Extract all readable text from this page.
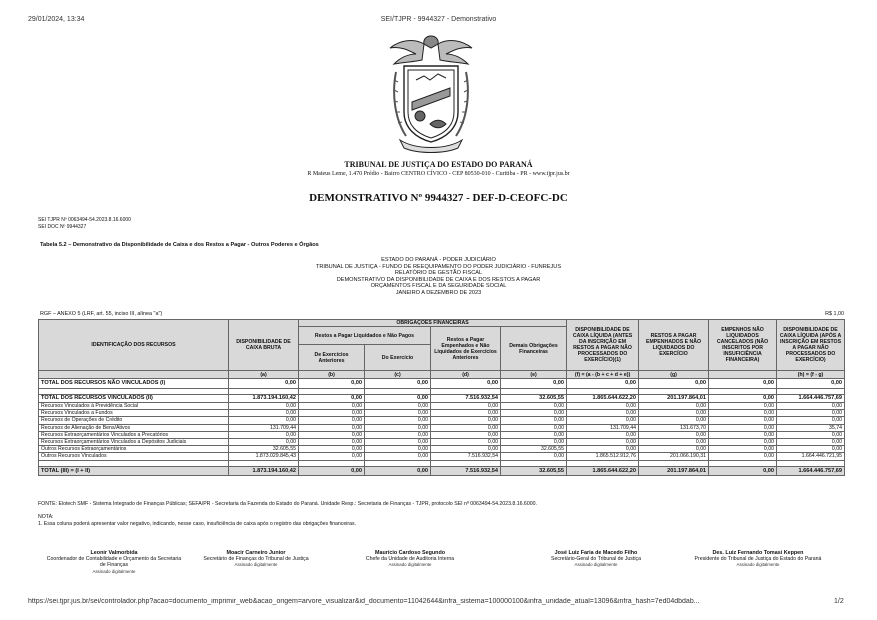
29/01/2024, 13:34	SEI/TJPR - 9944327 - Demonstrativo
TRIBUNAL DE JUSTIÇA DO ESTADO DO PARANÁ
R Mateus Leme, 1.470 Prédio - Bairro CENTRO CÍVICO - CEP 80530-010 - Curitiba - PR - www.tjpr.jus.br
DEMONSTRATIVO Nº 9944327 - DEF-D-CEOFC-DC
SEI TJPR Nº 0063494-54.2023.8.16.6000
SEI DOC Nº 9944327
Tabela 5.2 – Demonstrativo da Disponibilidade de Caixa e dos Restos a Pagar - Outros Poderes e Órgãos
ESTADO DO PARANÁ - PODER JUDICIÁRIO
TRIBUNAL DE JUSTIÇA - FUNDO DE REEQUIPAMENTO DO PODER JUDICIÁRIO - FUNREJUS
RELATÓRIO DE GESTÃO FISCAL
DEMONSTRATIVO DA DISPONIBILIDADE DE CAIXA E DOS RESTOS A PAGAR
ORÇAMENTOS FISCAL E DA SEGURIDADE SOCIAL
JANEIRO A DEZEMBRO DE 2023
RGF – ANEXO 5 (LRF, art. 55, inciso III, alínea "a")	R$ 1,00
IDENTIFICAÇÃO DOS RECURSOS	DISPONIBILIDADE DE CAIXA BRUTA	OBRIGAÇÕES FINANCEIRAS				DISPONIBILIDADE DE CAIXA LÍQUIDA (ANTES DA INSCRIÇÃO EM RESTOS A PAGAR NÃO PROCESSADOS DO EXERCÍCIO)(1)	RESTOS A PAGAR EMPENHADOS E NÃO LIQUIDADOS DO EXERCÍCIO	EMPENHOS NÃO LIQUIDADOS CANCELADOS (NÃO INSCRITOS POR INSUFICIÊNCIA FINANCEIRA)	DISPONIBILIDADE DE CAIXA LÍQUIDA (APÓS A INSCRIÇÃO EM RESTOS A PAGAR NÃO PROCESSADOS DO EXERCÍCIO)
		Restos a Pagar Liquidados e Não Pagos		Restos a Pagar Empenhados e Não Liquidados de Exercícios Anteriores	Demais Obrigações Financeiras				
		De Exercícios Anteriores	Do Exercício						
	(a)	(b)	(c)	(d)	(e)	(f) = (a - (b + c + d + e))	(g)		(h) = (f - g)
TOTAL DOS RECURSOS NÃO VINCULADOS (I)	0,00	0,00	0,00	0,00	0,00	0,00	0,00	0,00	0,00

TOTAL DOS RECURSOS VINCULADOS (II)	1.873.194.160,42	0,00	0,00	7.516.932,54	32.605,55	1.865.644.622,20	201.197.864,01	0,00	1.664.446.757,69
Recursos Vinculados à Previdência Social	0,00	0,00	0,00	0,00	0,00	0,00	0,00	0,00	0,00
Recursos Vinculados a Fundos	0,00	0,00	0,00	0,00	0,00	0,00	0,00	0,00	0,00
Recursos de Operações de Crédito	0,00	0,00	0,00	0,00	0,00	0,00	0,00	0,00	0,00
Recursos de Alienação de Bens/Ativos	131.709,44	0,00	0,00	0,00	0,00	131.709,44	131.673,70	0,00	35,74
Recursos Extraorçamentários Vinculados a Precatórios	0,00	0,00	0,00	0,00	0,00	0,00	0,00	0,00	0,00
Recursos Extraorçamentários Vinculados a Depósitos Judiciais	0,00	0,00	0,00	0,00	0,00	0,00	0,00	0,00	0,00
Outros Recursos Extraorçamentários	32.605,55	0,00	0,00	0,00	32.605,55	0,00	0,00	0,00	0,00
Outros Recursos Vinculados	1.873.029.845,43	0,00	0,00	7.516.932,54	0,00	1.865.512.912,76	201.066.190,31	0,00	1.664.446.721,95

TOTAL (III) = (I + II)	1.873.194.160,42	0,00	0,00	7.516.932,54	32.605,55	1.865.644.622,20	201.197.864,01	0,00	1.664.446.757,69
FONTE: Elotech SMF - Sistema Integrado de Finanças Públicas; SEFA/PR - Secretaria da Fazenda do Estado do Paraná. Unidade Resp.: Secretaria de Finanças - TJPR, protocolo SEI nº 0063494-54.2023.8.16.6000.
NOTA:
1. Essa coluna poderá apresentar valor negativo, indicando, nesse caso, insuficiência de caixa após o registro das obrigações financeiras.
Leonir Valmorbida
Coordenador de Contabilidade e Orçamento da Secretaria de Finanças
Assinado digitalmente
Moacir Carneiro Junior
Secretário de Finanças do Tribunal de Justiça
Assinado digitalmente
Maurício Cardoso Segundo
Chefe da Unidade de Auditoria Interna
Assinado digitalmente
José Luiz Faria de Macedo Filho
Secretário-Geral do Tribunal de Justiça
Assinado digitalmente
Des. Luiz Fernando Tomasi Keppen
Presidente do Tribunal de Justiça do Estado do Paraná
Assinado digitalmente
https://sei.tjpr.jus.br/sei/controlador.php?acao=documento_imprimir_web&acao_origem=arvore_visualizar&id_documento=11042644&infra_sistema=100000100&infra_unidade_atual=13096&infra_hash=7ed04dbdab...	1/2
